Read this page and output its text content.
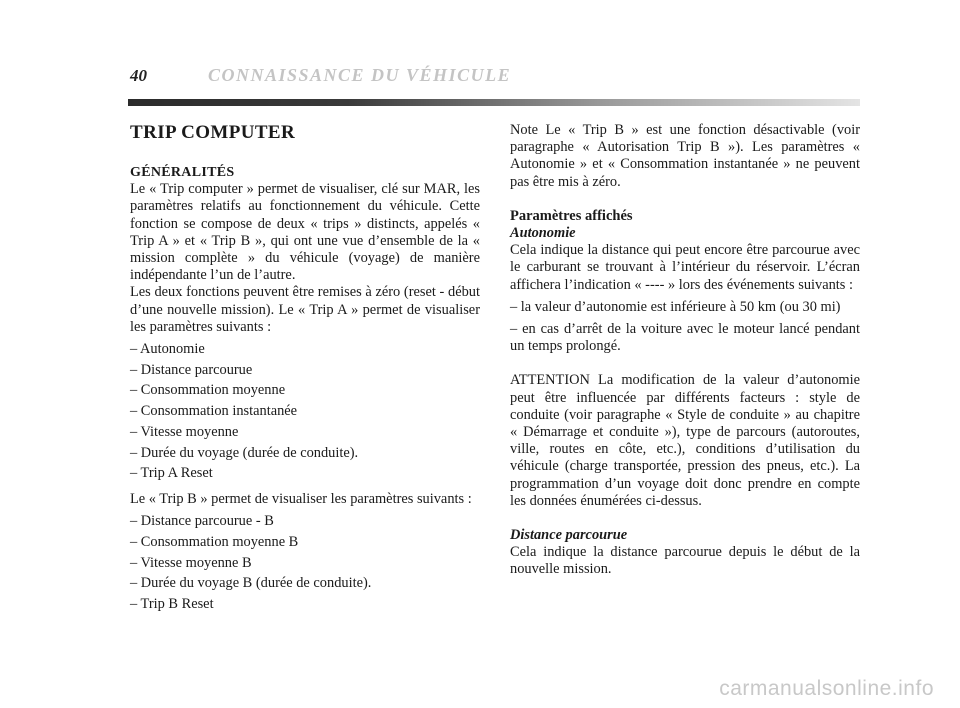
40	CONNAISSANCE DU VÉHICULE
TRIP COMPUTER

GÉNÉRALITÉS

Le « Trip computer » permet de visualiser, clé sur MAR, les paramètres relatifs au fonctionnement du véhicule. Cette fonction se compose de deux « trips » distincts, appelés « Trip A » et « Trip B », qui ont une vue d’ensemble de la « mission complète » du véhicule (voyage) de manière indépendante l’un de l’autre.

Les deux fonctions peuvent être remises à zéro (reset - début d’une nouvelle mission). Le « Trip A » permet de visualiser les paramètres suivants :

– Autonomie
– Distance parcourue
– Consommation moyenne
– Consommation instantanée
– Vitesse moyenne
– Durée du voyage (durée de conduite).
– Trip A Reset

Le « Trip B » permet de visualiser les paramètres suivants :

– Distance parcourue - B
– Consommation moyenne B
– Vitesse moyenne B
– Durée du voyage B (durée de conduite).
– Trip B Reset

Note Le « Trip B » est une fonction désactivable (voir paragraphe « Autorisation Trip B »). Les paramètres « Autonomie » et « Consommation instantanée » ne peuvent pas être mis à zéro.

Paramètres affichés

Autonomie

Cela indique la distance qui peut encore être parcourue avec le carburant se trouvant à l’intérieur du réservoir. L’écran affichera l’indication « ---- » lors des événements suivants :

– la valeur d’autonomie est inférieure à 50 km (ou 30 mi)

– en cas d’arrêt de la voiture avec le moteur lancé pendant un temps prolongé.

ATTENTION La modification de la valeur d’autonomie peut être influencée par différents facteurs : style de conduite (voir paragraphe « Style de conduite » au chapitre « Démarrage et conduite »), type de parcours (autoroutes, ville, routes en côte, etc.), conditions d’utilisation du véhicule (charge transportée, pression des pneus, etc.). La programmation d’un voyage doit donc prendre en compte les données énumérées ci-dessus.

Distance parcourue

Cela indique la distance parcourue depuis le début de la nouvelle mission.

carmanualsonline.info
